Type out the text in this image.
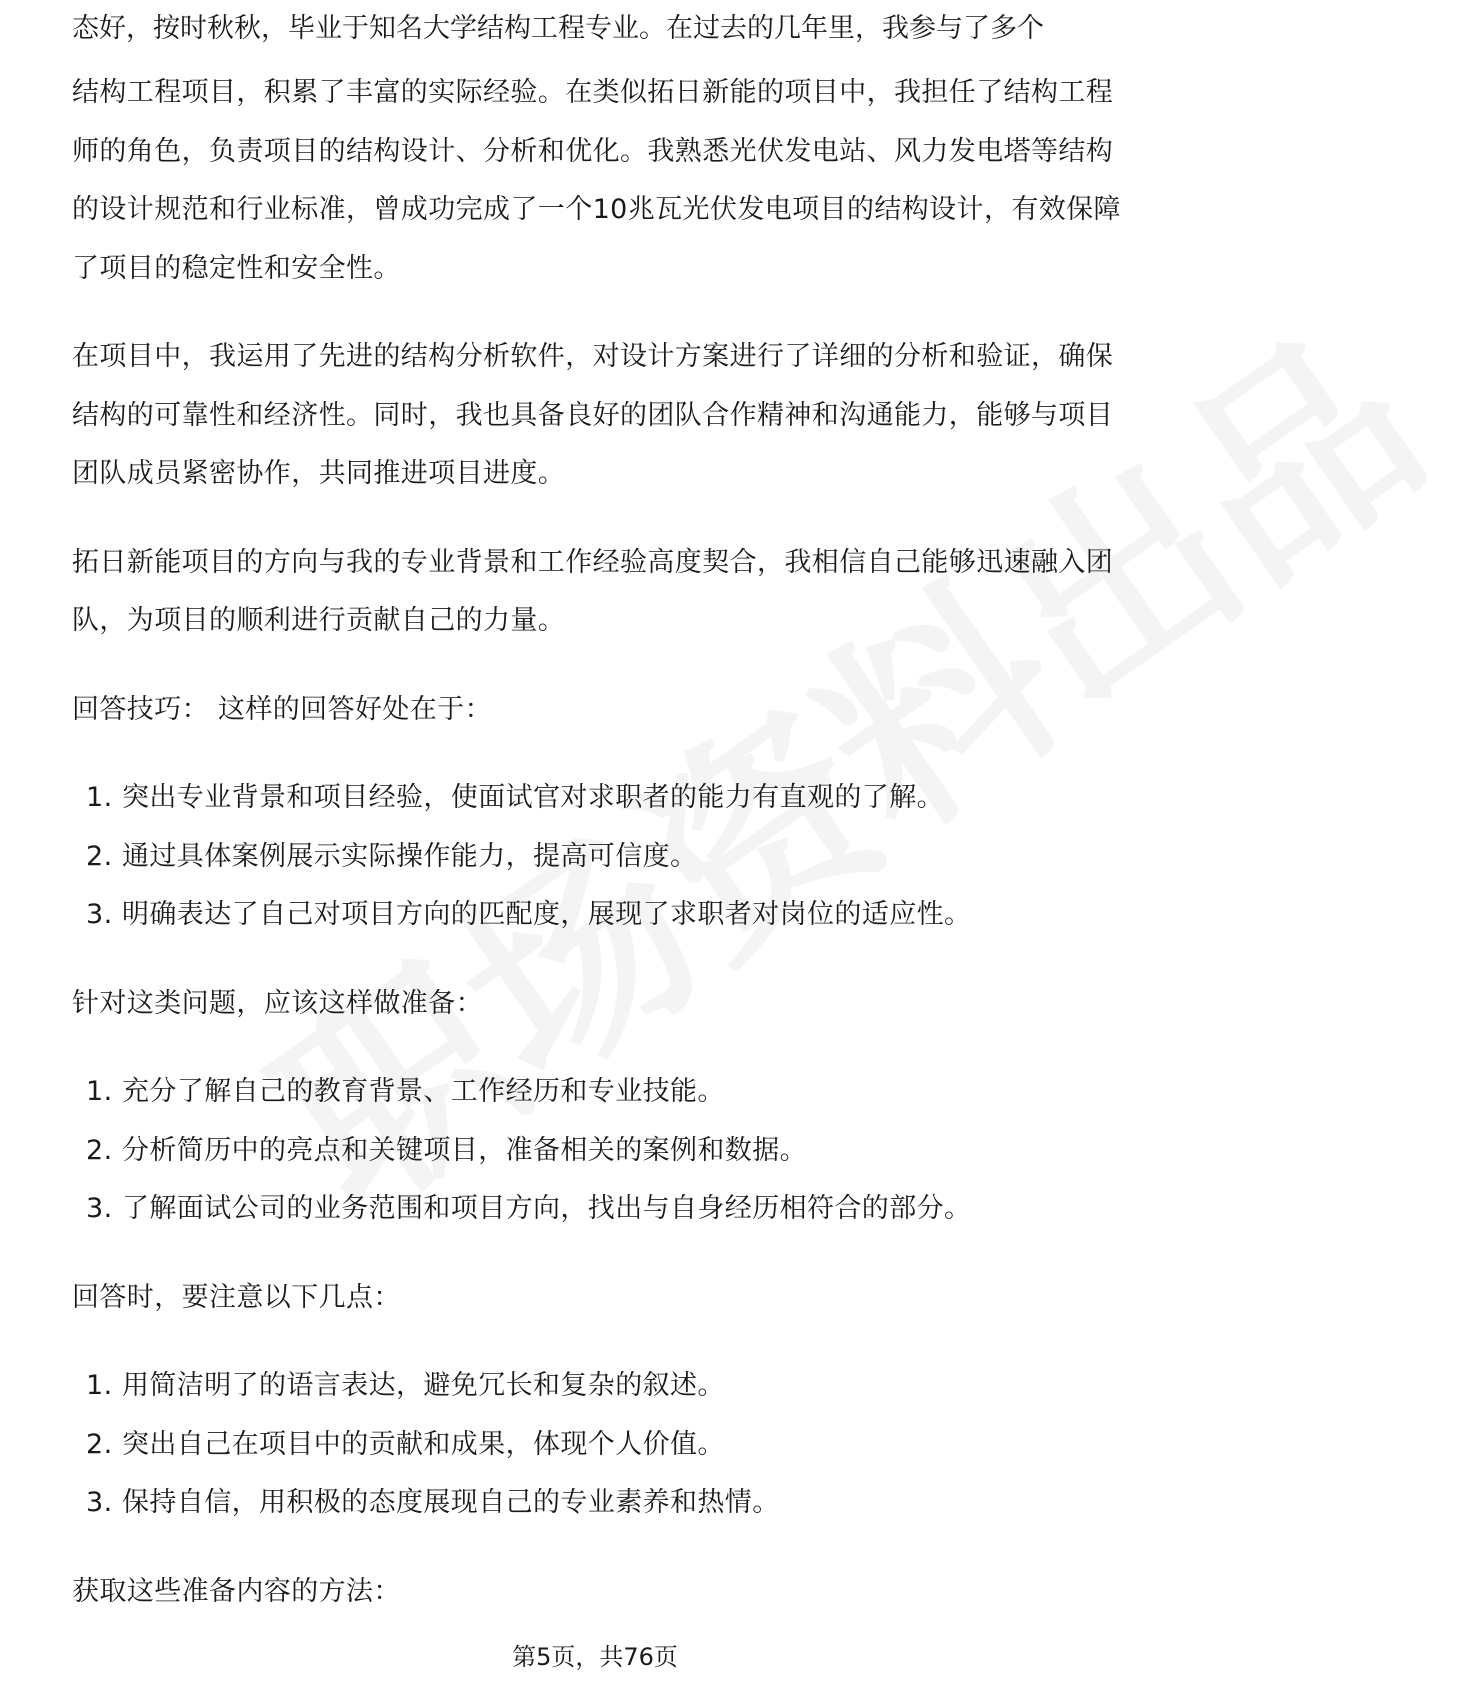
态好，按时秋秋，毕业于知名大学结构工程专业。在过去的几年里，我参与了多个

结构工程项目，积累了丰富的实际经验。在类似拓日新能的项目中，我担任了结构工程师的角色，负责项目的结构设计、分析和优化。我熟悉光伏发电站、风力发电塔等结构的设计规范和行业标准，曾成功完成了一个10兆瓦光伏发电项目的结构设计，有效保障了项目的稳定性和安全性。

在项目中，我运用了先进的结构分析软件，对设计方案进行了详细的分析和验证，确保结构的可靠性和经济性。同时，我也具备良好的团队合作精神和沟通能力，能够与项目团队成员紧密协作，共同推进项目进度。

拓日新能项目的方向与我的专业背景和工作经验高度契合，我相信自己能够迅速融入团队，为项目的顺利进行贡献自己的力量。

回答技巧： 这样的回答好处在于：

1. 突出专业背景和项目经验，使面试官对求职者的能力有直观的了解。
2. 通过具体案例展示实际操作能力，提高可信度。
3. 明确表达了自己对项目方向的匹配度，展现了求职者对岗位的适应性。

针对这类问题，应该这样做准备：

1. 充分了解自己的教育背景、工作经历和专业技能。
2. 分析简历中的亮点和关键项目，准备相关的案例和数据。
3. 了解面试公司的业务范围和项目方向，找出与自身经历相符合的部分。

回答时，要注意以下几点：

1. 用简洁明了的语言表达，避免冗长和复杂的叙述。
2. 突出自己在项目中的贡献和成果，体现个人价值。
3. 保持自信，用积极的态度展现自己的专业素养和热情。

获取这些准备内容的方法：

第5页，共76页
